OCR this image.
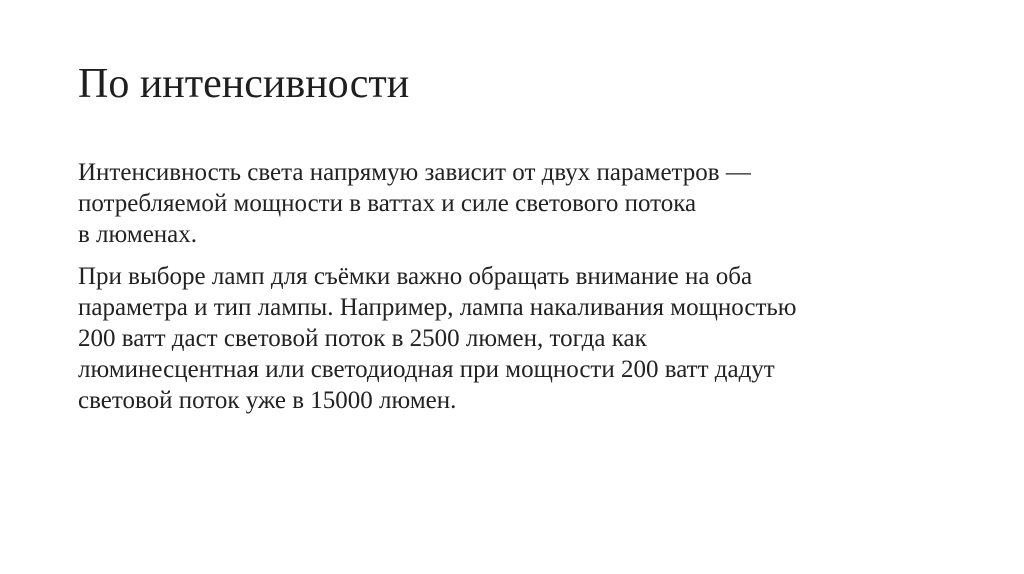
По интенсивности

Интенсивность света напрямую зависит от двух параметров —
потребляемой мощности в ваттах и силе светового потока
в люменах.

При выборе ламп для съёмки важно обращать внимание на оба
параметра и тип лампы. Например, лампа накаливания мощностью
200 ватт даст световой поток в 2500 люмен, тогда как
люминесцентная или светодиодная при мощности 200 ватт дадут
световой поток уже в 15000 люмен.
